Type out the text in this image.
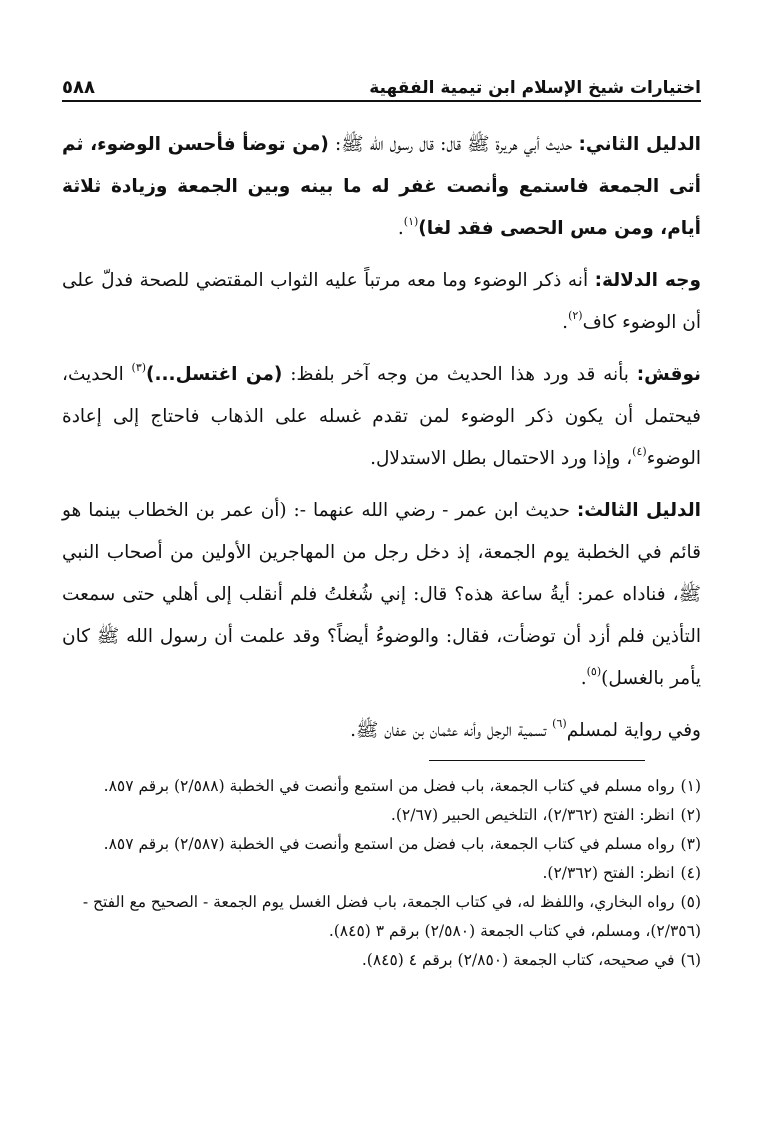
اختيارات شيخ الإسلام ابن تيمية الفقهية
٥٨٨

الدليل الثاني: حديث أبي هريرة ﷺ قال: قال رسول الله ﷺ: (من توضأ فأحسن الوضوء، ثم أتى الجمعة فاستمع وأنصت غفر له ما بينه وبين الجمعة وزيادة ثلاثة أيام، ومن مس الحصى فقد لغا)$^{(١)}$.

وجه الدلالة: أنه ذكر الوضوء وما معه مرتباً عليه الثواب المقتضي للصحة فدلّ على أن الوضوء كاف$^{(٢)}$.

نوقش: بأنه قد ورد هذا الحديث من وجه آخر بلفظ: (من اغتسل...)$^{(٣)}$ الحديث، فيحتمل أن يكون ذكر الوضوء لمن تقدم غسله على الذهاب فاحتاج إلى إعادة الوضوء$^{(٤)}$، وإذا ورد الاحتمال بطل الاستدلال.

الدليل الثالث: حديث ابن عمر - رضي الله عنهما -: (أن عمر بن الخطاب بينما هو قائم في الخطبة يوم الجمعة، إذ دخل رجل من المهاجرين الأولين من أصحاب النبي ﷺ، فناداه عمر: أيةُ ساعة هذه؟ قال: إني شُغلتُ فلم أنقلب إلى أهلي حتى سمعت التأذين فلم أزد أن توضأت، فقال: والوضوءُ أيضاً؟ وقد علمت أن رسول الله ﷺ كان يأمر بالغسل)$^{(٥)}$.

وفي رواية لمسلم$^{(٦)}$ تسمية الرجل وأنه عثمان بن عفان ﷺ.

(١)رواه مسلم في كتاب الجمعة، باب فضل من استمع وأنصت في الخطبة (٢/٥٨٨) برقم ٨٥٧.

(٢)انظر: الفتح (٢/٣٦٢)، التلخيص الحبير (٢/٦٧).

(٣)رواه مسلم في كتاب الجمعة، باب فضل من استمع وأنصت في الخطبة (٢/٥٨٧) برقم ٨٥٧.

(٤)انظر: الفتح (٢/٣٦٢).

(٥)رواه البخاري، واللفظ له، في كتاب الجمعة، باب فضل الغسل يوم الجمعة - الصحيح مع الفتح - (٢/٣٥٦)، ومسلم، في كتاب الجمعة (٢/٥٨٠) برقم ٣ (٨٤٥).

(٦)في صحيحه، كتاب الجمعة (٢/٨٥٠) برقم ٤ (٨٤٥).
